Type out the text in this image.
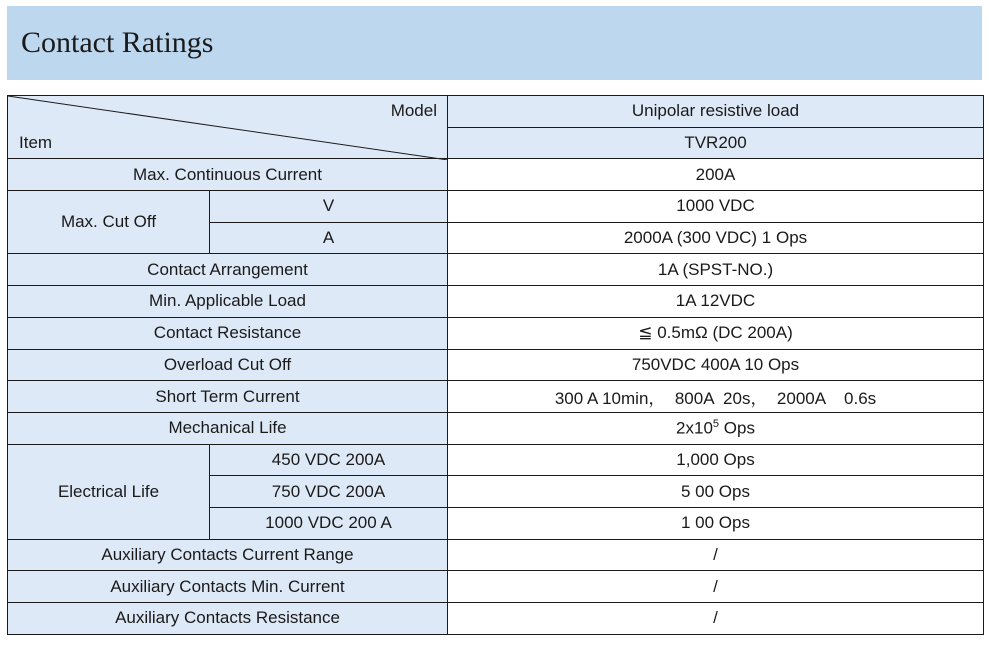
Contact Ratings
Model
Item		Unipolar resistive load
		TVR200
Max. Continuous Current		200A
Max. Cut Off	V	1000 VDC
	A	2000A (300 VDC) 1 Ops
Contact Arrangement		1A (SPST-NO.)
Min. Applicable Load		1A 12VDC
Contact Resistance		≦ 0.5mΩ (DC 200A)
Overload Cut Off		750VDC 400A 10 Ops
Short Term Current		300 A 10min，  800A  20s，  2000A    0.6s
Mechanical Life		$2x10^5$ Ops
Electrical Life	450 VDC 200A	1,000 Ops
	750 VDC 200A	5 00 Ops
	1000 VDC 200 A	1 00 Ops
Auxiliary Contacts Current Range		/
Auxiliary Contacts Min. Current		/
Auxiliary Contacts Resistance		/
